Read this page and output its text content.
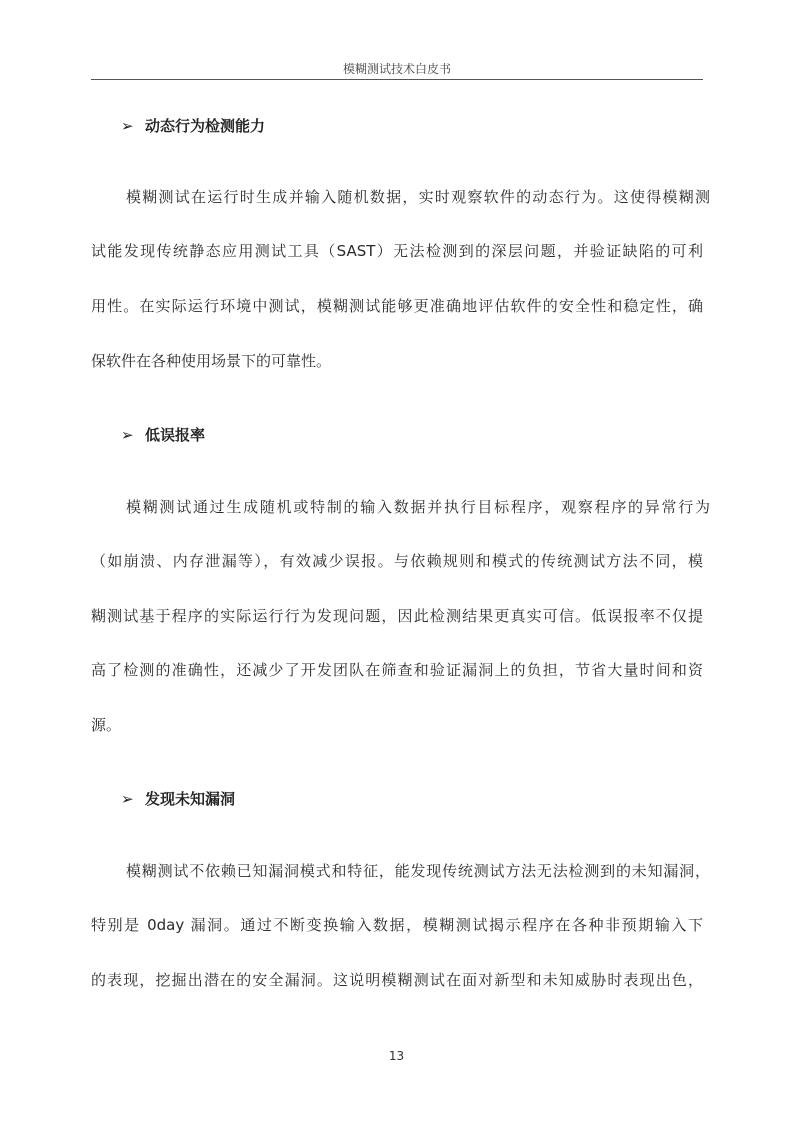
模糊测试技术白皮书
➢ 动态行为检测能力
模糊测试在运行时生成并输入随机数据，实时观察软件的动态行为。这使得模糊测
试能发现传统静态应用测试工具（SAST）无法检测到的深层问题，并验证缺陷的可利
用性。在实际运行环境中测试，模糊测试能够更准确地评估软件的安全性和稳定性，确
保软件在各种使用场景下的可靠性。
➢ 低误报率
模糊测试通过生成随机或特制的输入数据并执行目标程序，观察程序的异常行为
（如崩溃、内存泄漏等），有效减少误报。与依赖规则和模式的传统测试方法不同，模
糊测试基于程序的实际运行行为发现问题，因此检测结果更真实可信。低误报率不仅提
高了检测的准确性，还减少了开发团队在筛查和验证漏洞上的负担，节省大量时间和资
源。
➢ 发现未知漏洞
模糊测试不依赖已知漏洞模式和特征，能发现传统测试方法无法检测到的未知漏洞，
特别是 0day 漏洞。通过不断变换输入数据，模糊测试揭示程序在各种非预期输入下
的表现，挖掘出潜在的安全漏洞。这说明模糊测试在面对新型和未知威胁时表现出色，
13
